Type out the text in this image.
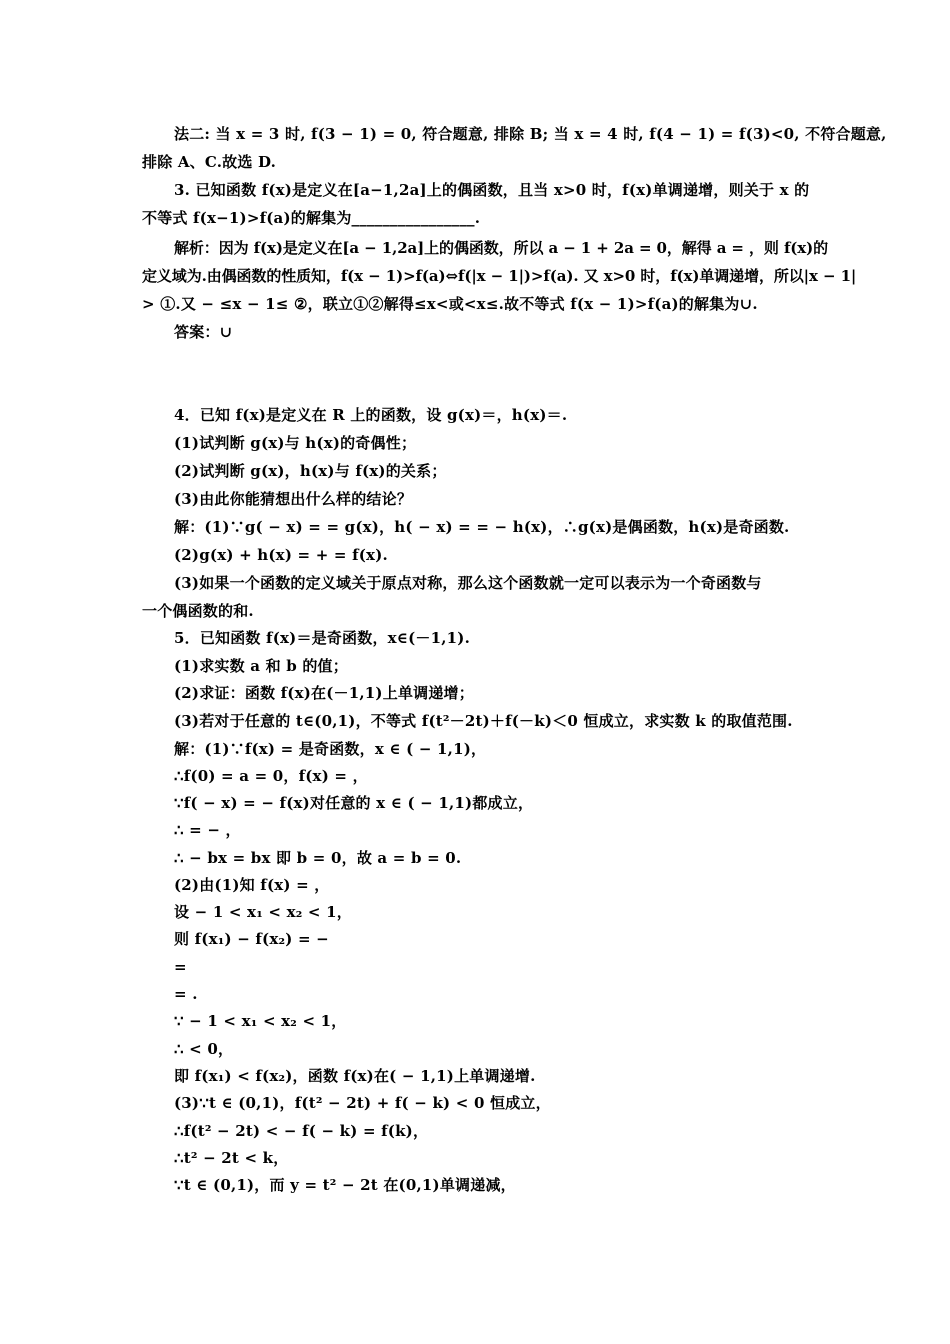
法二: 当 x = 3 时, f(3 − 1) = 0, 符合题意, 排除 B; 当 x = 4 时, f(4 − 1) = f(3)<0, 不符合题意,
排除 A、C.故选 D.
3. 已知函数 f(x)是定义在[a−1,2a]上的偶函数，且当 x>0 时，f(x)单调递增，则关于 x 的
不等式 f(x−1)>f(a)的解集为________________.
解析：因为 f(x)是定义在[a − 1,2a]上的偶函数，所以 a − 1 + 2a = 0，解得 a = ，则 f(x)的
定义域为.由偶函数的性质知，f(x − 1)>f(a)⇔f(|x − 1|)>f(a). 又 x>0 时，f(x)单调递增，所以|x − 1|
> ①.又 − ≤x − 1≤ ②，联立①②解得≤x<或<x≤.故不等式 f(x − 1)>f(a)的解集为∪.
答案：∪
4．已知 f(x)是定义在 R 上的函数，设 g(x)＝，h(x)＝.
(1)试判断 g(x)与 h(x)的奇偶性；
(2)试判断 g(x)，h(x)与 f(x)的关系；
(3)由此你能猜想出什么样的结论？
解：(1)∵g( − x) = = g(x)，h( − x) = = − h(x)，∴g(x)是偶函数，h(x)是奇函数.
(2)g(x) + h(x) = + = f(x).
(3)如果一个函数的定义域关于原点对称，那么这个函数就一定可以表示为一个奇函数与
一个偶函数的和.
5．已知函数 f(x)＝是奇函数，x∈(－1,1).
(1)求实数 a 和 b 的值；
(2)求证：函数 f(x)在(－1,1)上单调递增；
(3)若对于任意的 t∈(0,1)，不等式 f(t²－2t)＋f(－k)＜0 恒成立，求实数 k 的取值范围.
解：(1)∵f(x) = 是奇函数，x ∈ ( − 1,1)，
∴f(0) = a = 0，f(x) = ，
∵f( − x) = − f(x)对任意的 x ∈ ( − 1,1)都成立，
∴ = − ，
∴ − bx = bx 即 b = 0，故 a = b = 0.
(2)由(1)知 f(x) = ，
设 − 1 < x₁ < x₂ < 1，
则 f(x₁) − f(x₂) = −
=
= .
∵ − 1 < x₁ < x₂ < 1，
∴ < 0，
即 f(x₁) < f(x₂)，函数 f(x)在( − 1,1)上单调递增.
(3)∵t ∈ (0,1)，f(t² − 2t) + f( − k) < 0 恒成立，
∴f(t² − 2t) < − f( − k) = f(k)，
∴t² − 2t < k，
∵t ∈ (0,1)，而 y = t² − 2t 在(0,1)单调递减，
